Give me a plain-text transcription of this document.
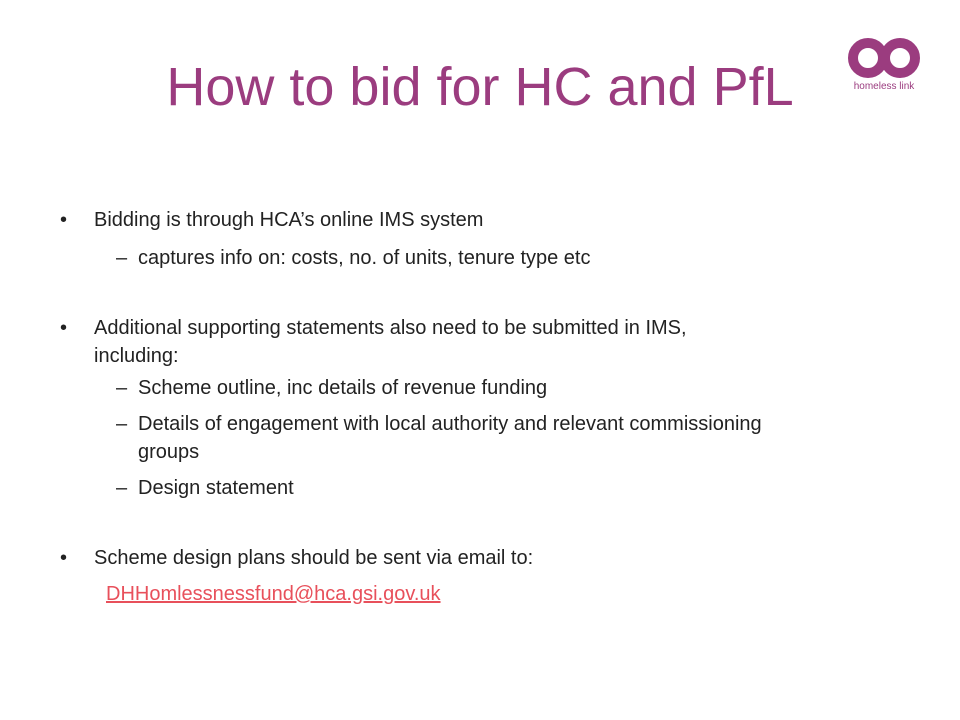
How to bid for HC and PfL	homeless link
• Bidding is through HCA’s online IMS system
– captures info on: costs, no. of units, tenure type etc
• Additional supporting statements also need to be submitted in IMS,
including:
– Scheme outline, inc details of revenue funding
– Details of engagement with local authority and relevant commissioning
groups
– Design statement
• Scheme design plans should be sent via email to:
DHHomlessnessfund@hca.gsi.gov.uk
